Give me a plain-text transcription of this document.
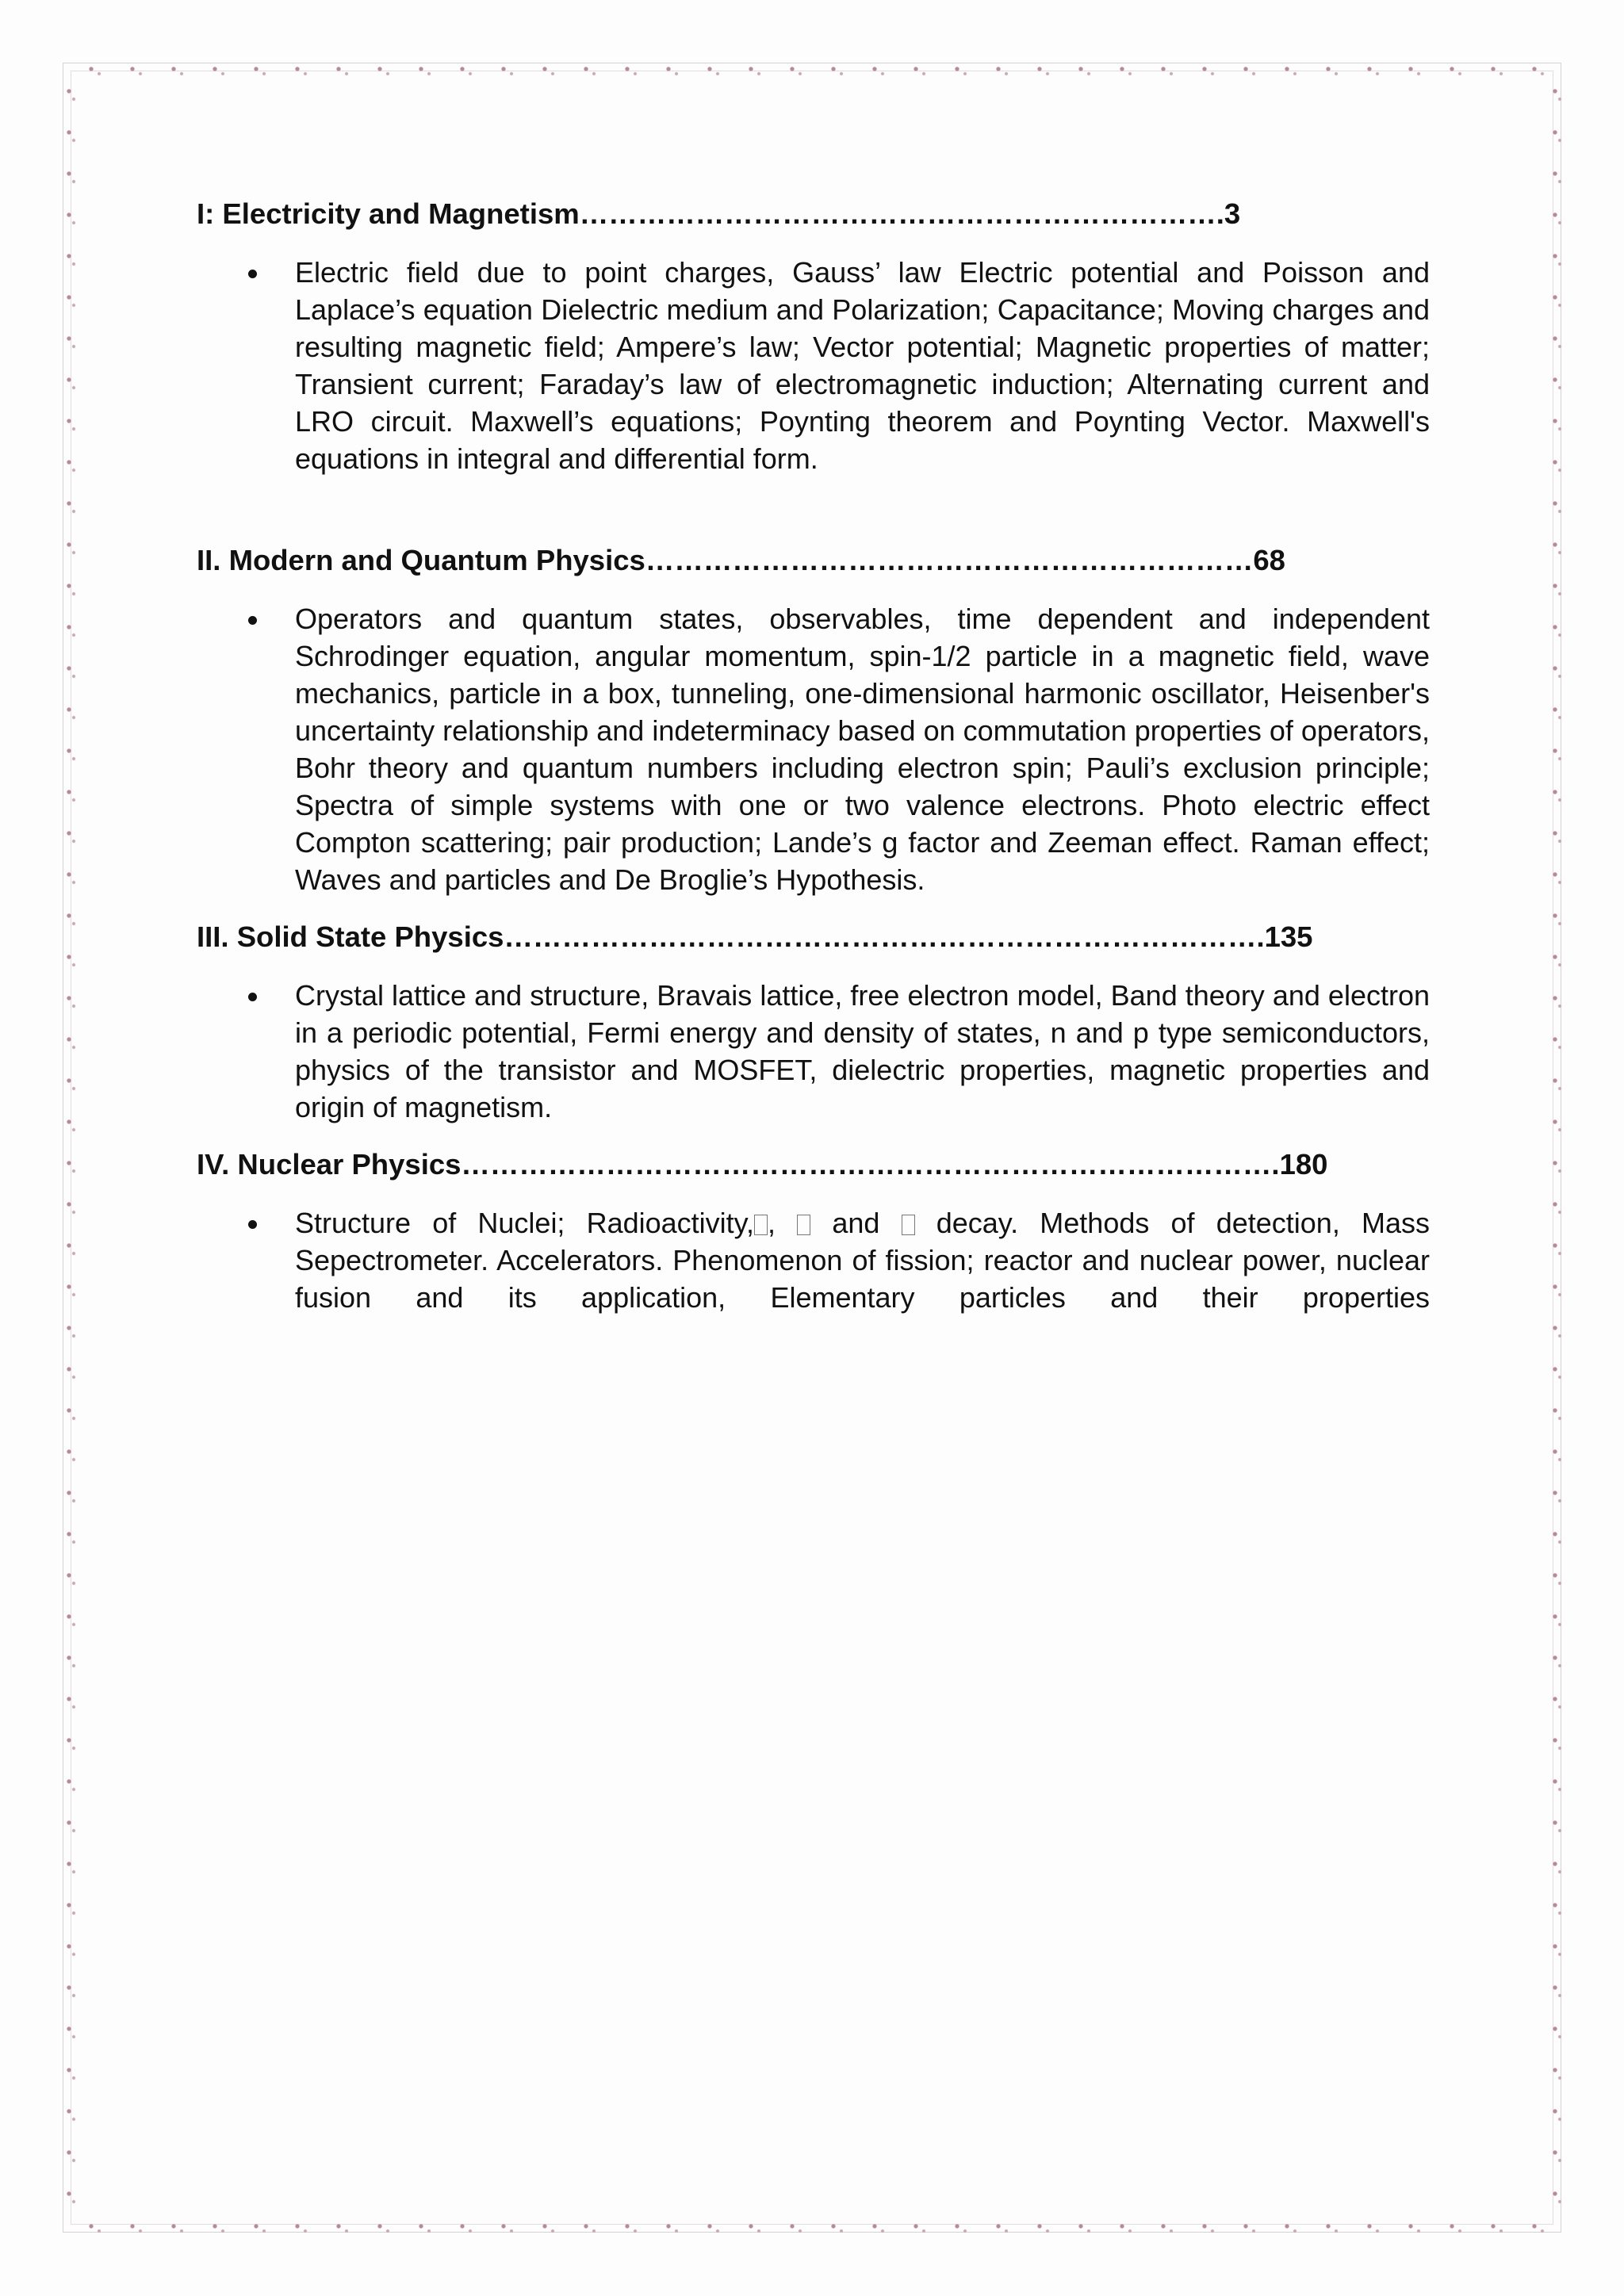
I: Electricity and Magnetism………………………………………………………….3

Electric field due to point charges, Gauss’ law Electric potential and Poisson and Laplace’s equation Dielectric medium and Polarization; Capacitance; Moving charges and resulting magnetic field; Ampere’s law; Vector potential; Magnetic properties of matter; Transient current; Faraday’s law of electromagnetic induction; Alternating current and LRO circuit. Maxwell’s equations; Poynting theorem and Poynting Vector. Maxwell's equations in integral and differential form.

II. Modern and Quantum Physics………………………………………………………68

Operators and quantum states, observables, time dependent and independent Schrodinger equation, angular momentum, spin-1/2 particle in a magnetic field, wave mechanics, particle in a box, tunneling, one-dimensional harmonic oscillator, Heisenber's uncertainty relationship and indeterminacy based on commutation properties of operators, Bohr theory and quantum numbers including electron spin; Pauli’s exclusion principle; Spectra of simple systems with one or two valence electrons. Photo electric effect Compton scattering; pair production; Lande’s g factor and Zeeman effect. Raman effect; Waves and particles and De Broglie’s Hypothesis.

III. Solid State Physics…………………………………………………………………….135

Crystal lattice and structure, Bravais lattice, free electron model, Band theory and electron in a periodic potential, Fermi energy and density of states, n and p type semiconductors, physics of the transistor and MOSFET, dielectric properties, magnetic properties and origin of magnetism.

IV. Nuclear Physics………………………………………………………………………….180

Structure of Nuclei; Radioactivity, ,  and  decay. Methods of detection, Mass Sepectrometer. Accelerators. Phenomenon of fission; reactor and nuclear power, nuclear fusion and its application, Elementary particles and their properties
